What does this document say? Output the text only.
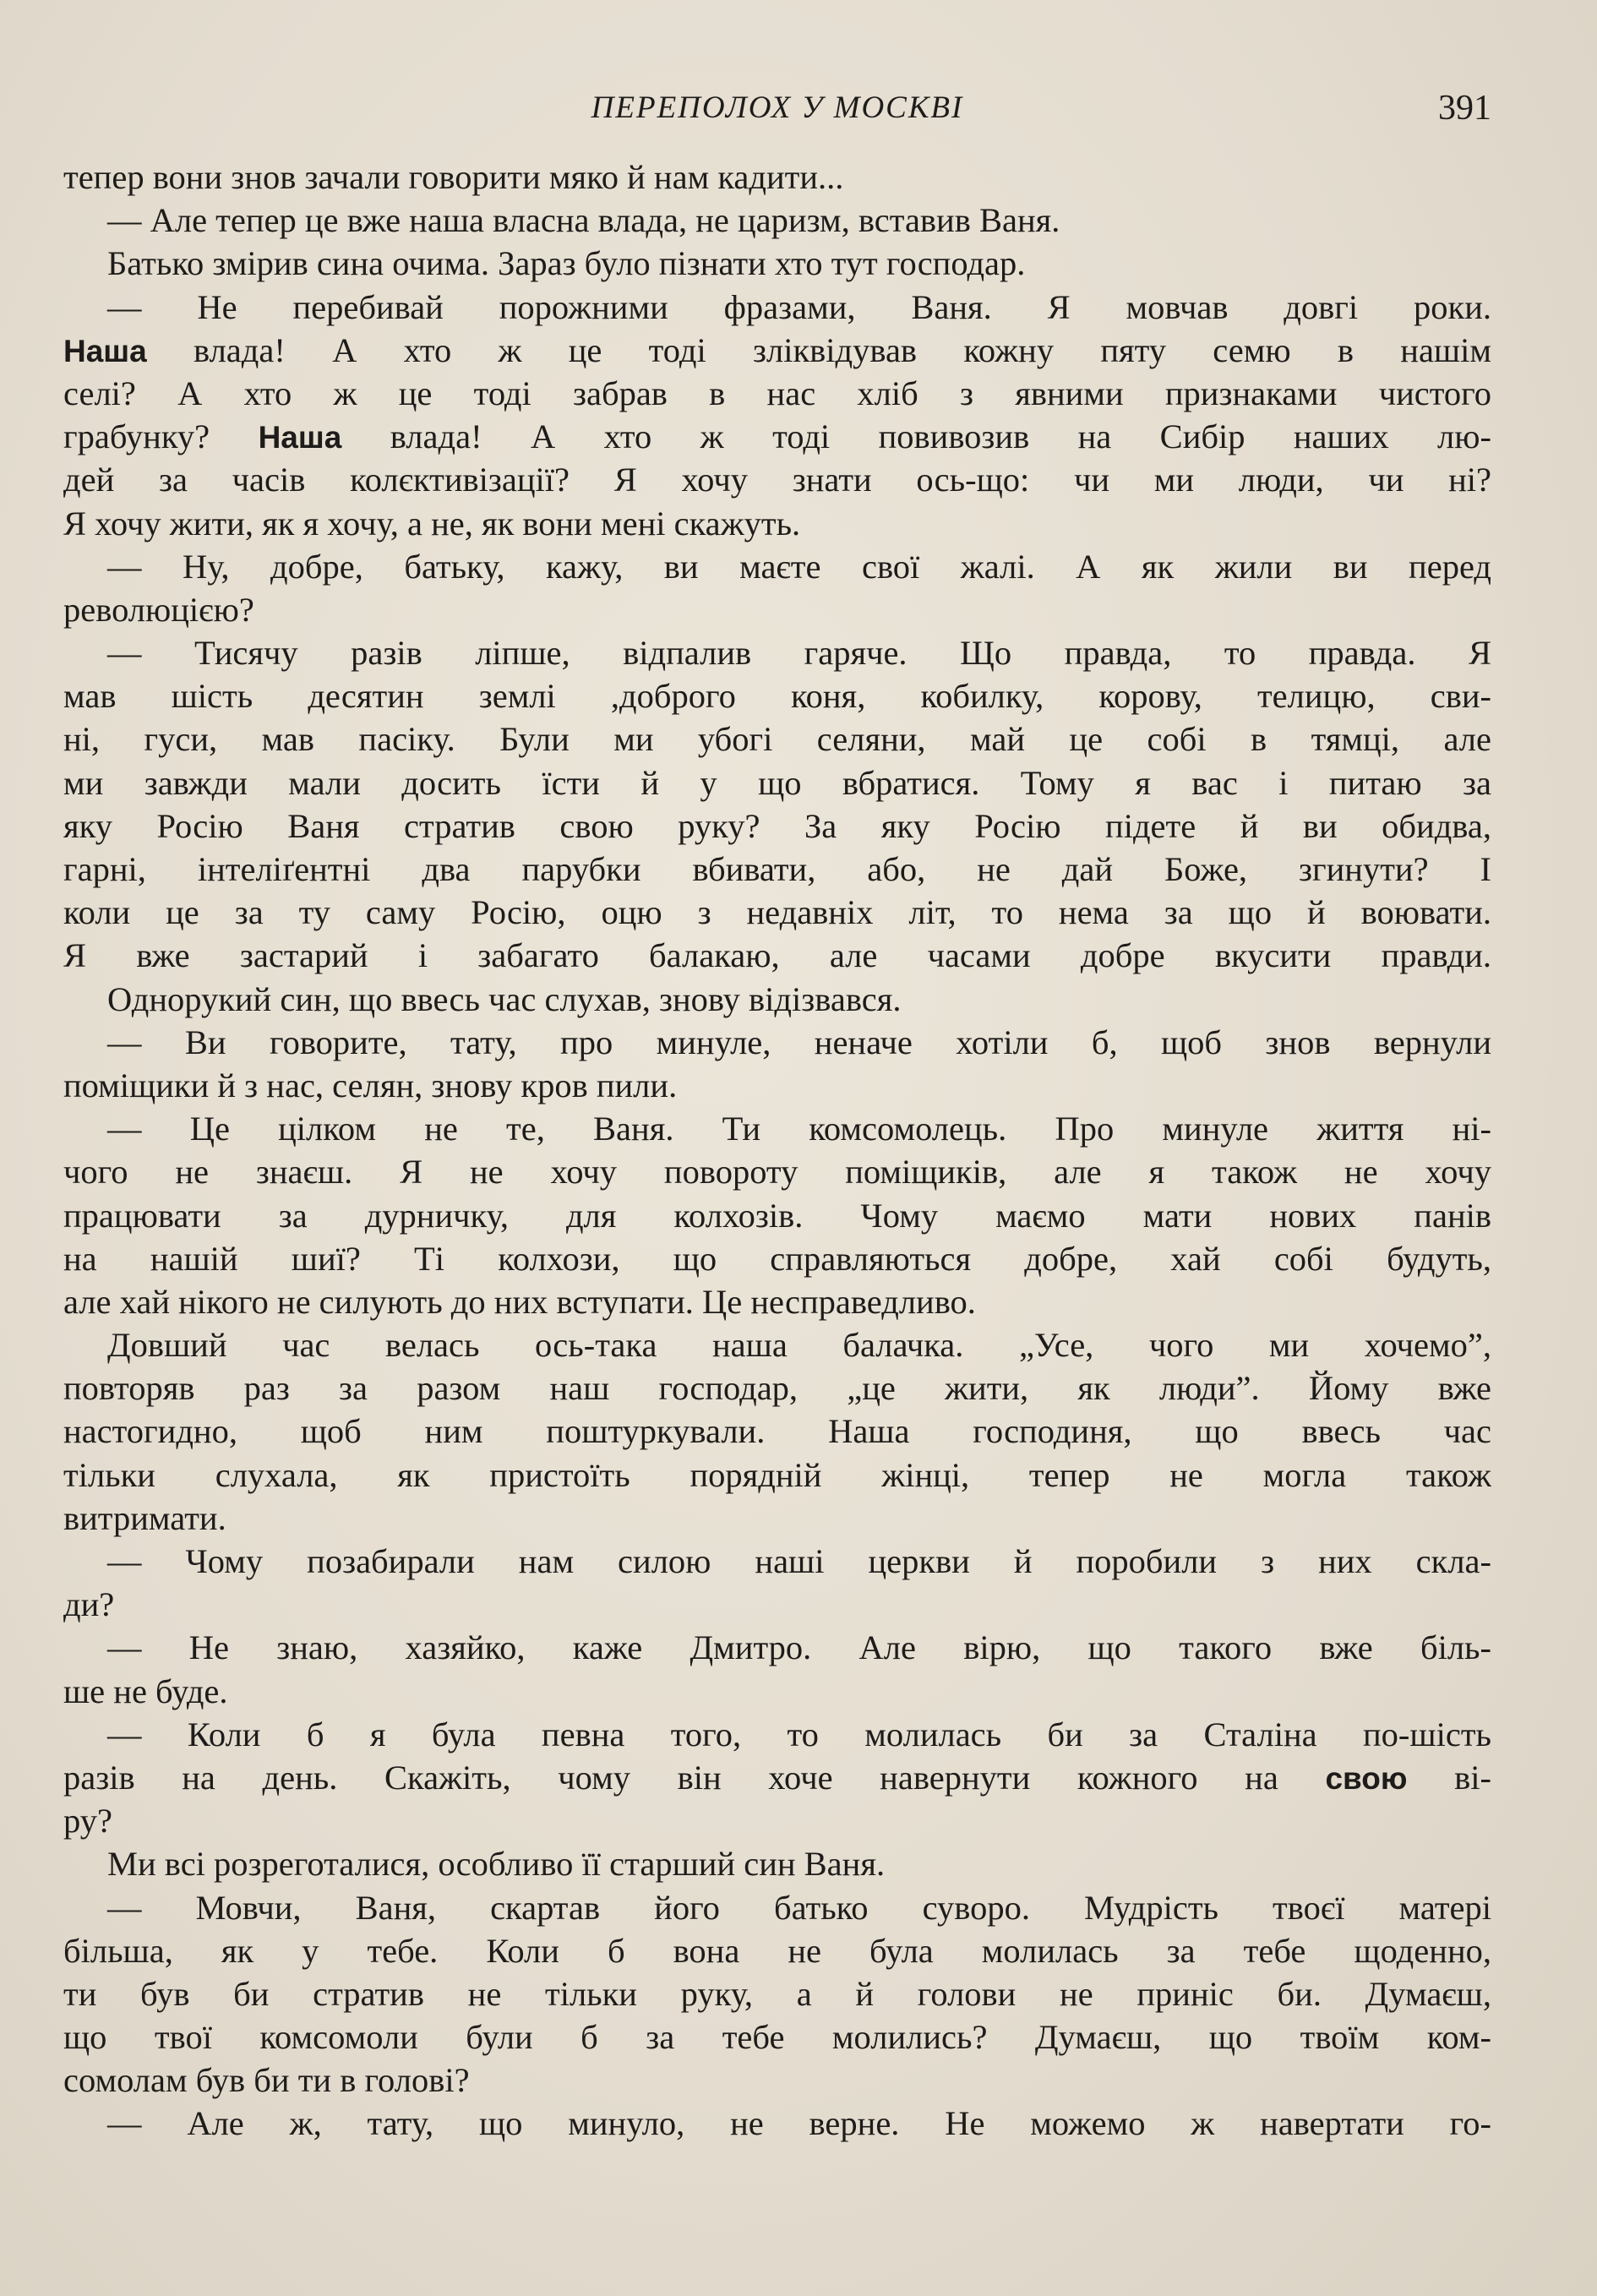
ПЕРЕПОЛОХ У МОСКВІ	391
тепер вони знов зачали говорити мяко й нам кадити...
— Але тепер це вже наша власна влада, не царизм, вставив Ваня.
Батько змірив сина очима. Зараз було пізнати хто тут господар.
— Не перебивай порожними фразами, Ваня. Я мовчав довгі роки.
Наша влада! А хто ж це тоді зліквідував кожну пяту семю в нашім
селі? А хто ж це тоді забрав в нас хліб з явними признаками чистого
грабунку? Наша влада! А хто ж тоді повивозив на Сибір наших лю-
дей за часів колєктивізації? Я хочу знати ось-що: чи ми люди, чи ні?
Я хочу жити, як я хочу, а не, як вони мені скажуть.
— Ну, добре, батьку, кажу, ви маєте свої жалі. А як жили ви перед
революцією?
— Тисячу разів ліпше, відпалив гаряче. Що правда, то правда. Я
мав шість десятин землі ,доброго коня, кобилку, корову, телицю, сви-
ні, гуси, мав пасіку. Були ми убогі селяни, май це собі в тямці, але
ми завжди мали досить їсти й у що вбратися. Тому я вас і питаю за
яку Росію Ваня стратив свою руку? За яку Росію підете й ви обидва,
гарні, інтеліґентні два парубки вбивати, або, не дай Боже, згинути? І
коли це за ту саму Росію, оцю з недавніх літ, то нема за що й воювати.
Я вже застарий і забагато балакаю, але часами добре вкусити правди.
Однорукий син, що ввесь час слухав, знову відізвався.
— Ви говорите, тату, про минуле, неначе хотіли б, щоб знов вернули
поміщики й з нас, селян, знову кров пили.
— Це цілком не те, Ваня. Ти комсомолець. Про минуле життя ні-
чого не знаєш. Я не хочу повороту поміщиків, але я також не хочу
працювати за дурничку, для колхозів. Чому маємо мати нових панів
на нашій шиї? Ті колхози, що справляються добре, хай собі будуть,
але хай нікого не силують до них вступати. Це несправедливо.
Довший час велась ось-така наша балачка. „Усе, чого ми хочемо”,
повторяв раз за разом наш господар, „це жити, як люди”. Йому вже
настогидно, щоб ним поштуркували. Наша господиня, що ввесь час
тільки слухала, як пристоїть порядній жінці, тепер не могла також
витримати.
— Чому позабирали нам силою наші церкви й поробили з них скла-
ди?
— Не знаю, хазяйко, каже Дмитро. Але вірю, що такого вже біль-
ше не буде.
— Коли б я була певна того, то молилась би за Сталіна по-шість
разів на день. Скажіть, чому він хоче навернути кожного на свою ві-
ру?
Ми всі розреготалися, особливо її старший син Ваня.
— Мовчи, Ваня, скартав його батько суворо. Мудрість твоєї матері
більша, як у тебе. Коли б вона не була молилась за тебе щоденно,
ти був би стратив не тільки руку, а й голови не приніс би. Думаєш,
що твої комсомоли були б за тебе молились? Думаєш, що твоїм ком-
сомолам був би ти в голові?
— Але ж, тату, що минуло, не верне. Не можемо ж навертати го-
